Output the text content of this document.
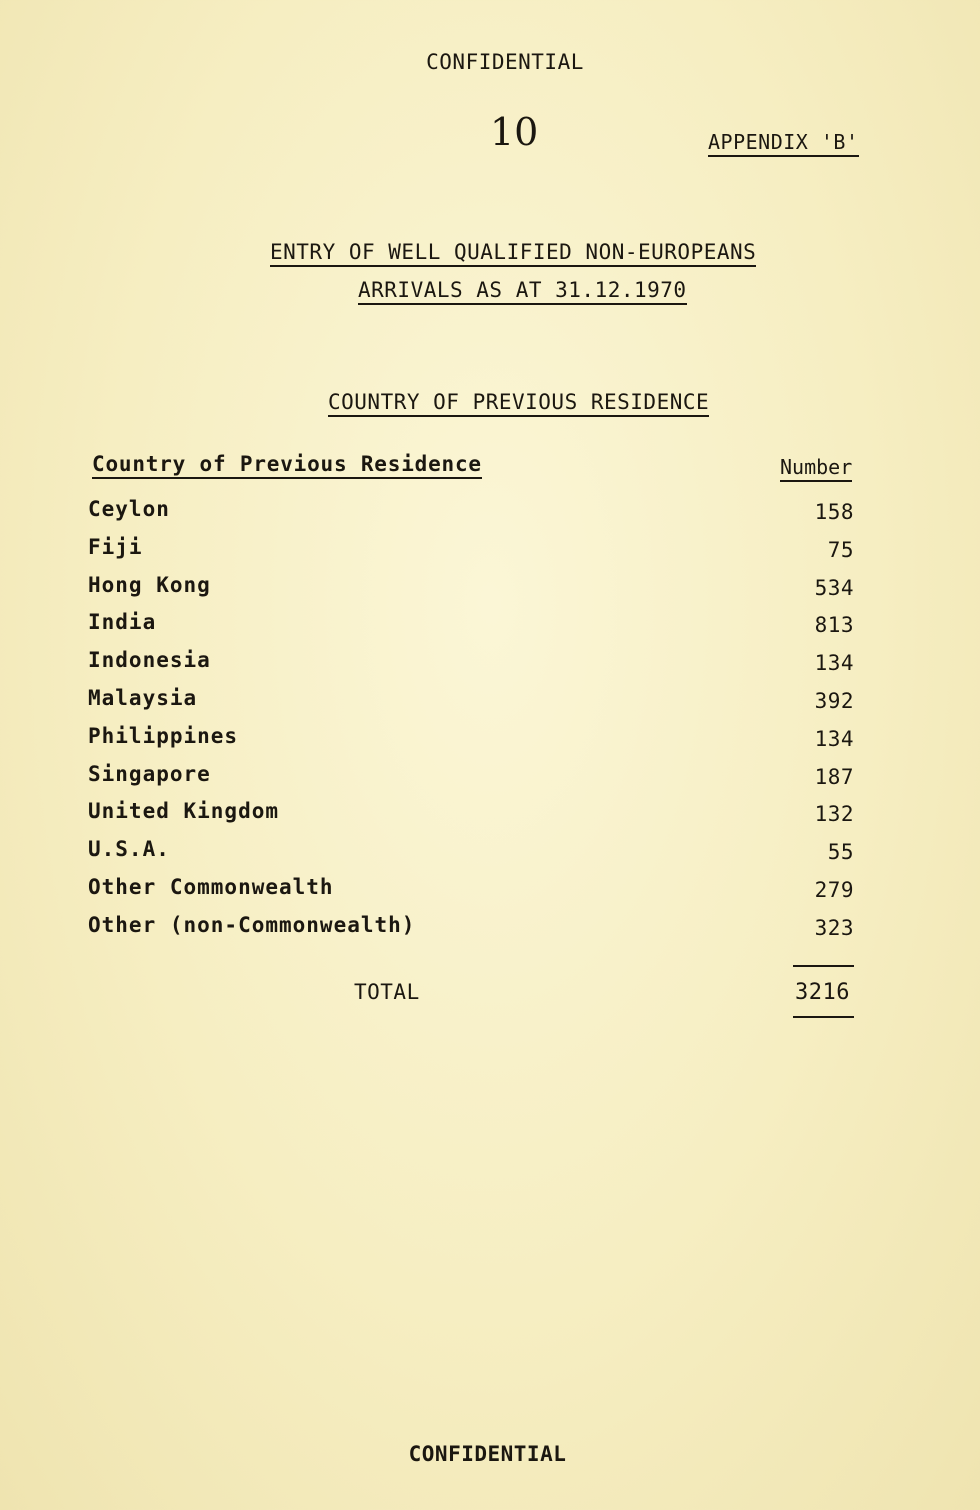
CONFIDENTIAL
10	APPENDIX 'B'
ENTRY OF WELL QUALIFIED NON-EUROPEANS
ARRIVALS AS AT 31.12.1970
COUNTRY OF PREVIOUS RESIDENCE
Country of Previous Residence	Number
Ceylon	158
Fiji	75
Hong Kong	534
India	813
Indonesia	134
Malaysia	392
Philippines	134
Singapore	187
United Kingdom	132
U.S.A.	55
Other Commonwealth	279
Other (non-Commonwealth)	323
TOTAL	3216
CONFIDENTIAL
